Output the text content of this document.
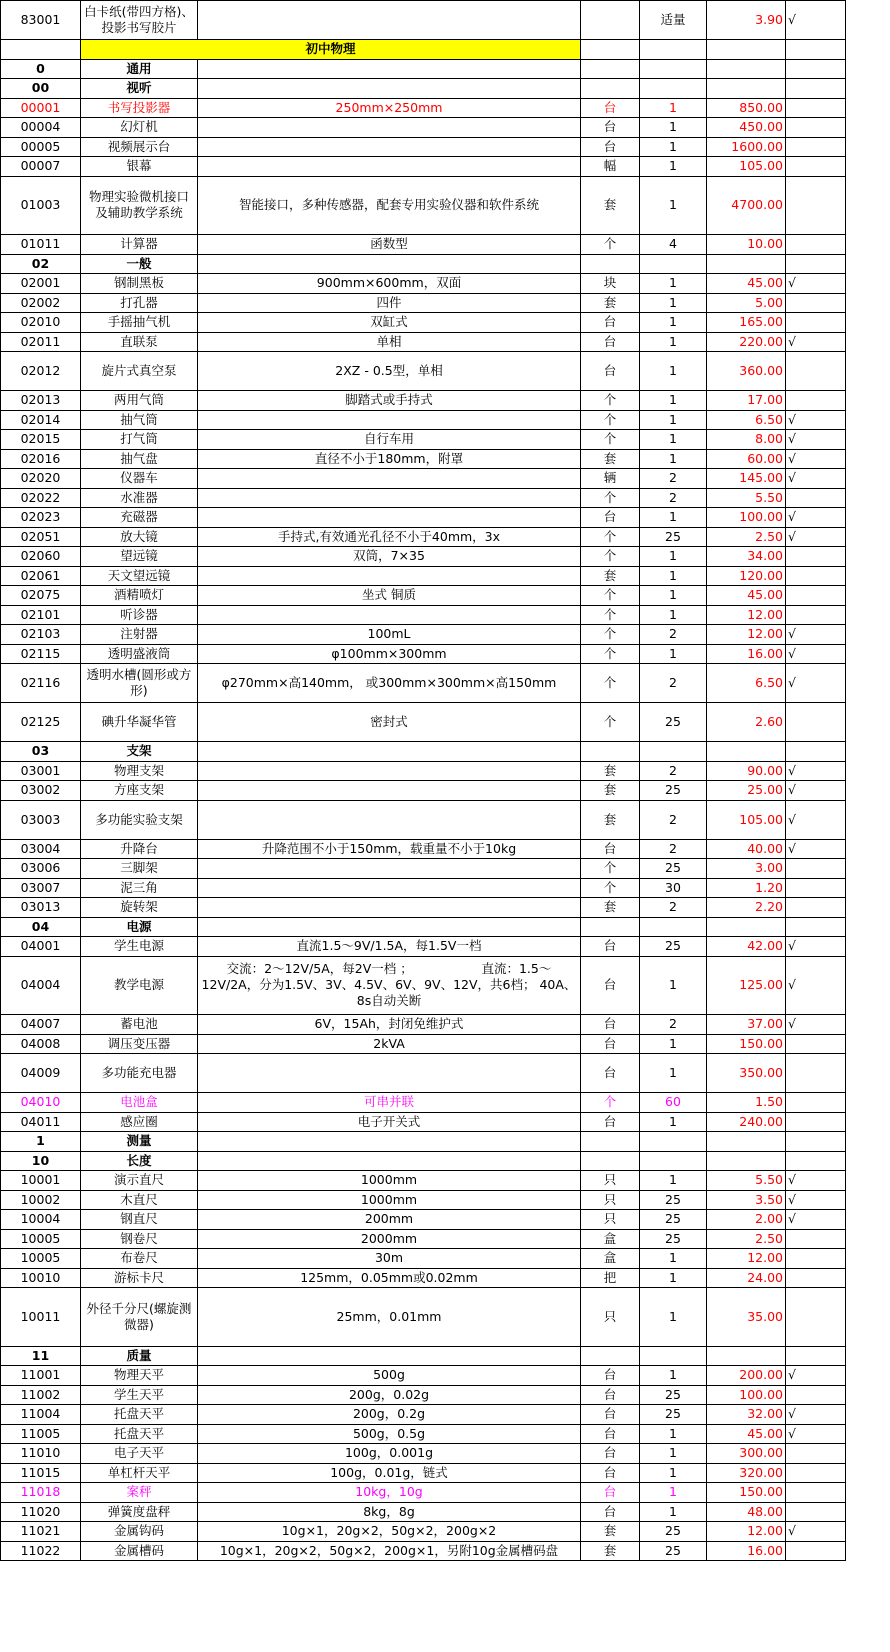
83001	白卡纸(带四方格)、投影书写胶片			适量	3.90	√
	初中物理					
0	通用					
00	视听					
00001	书写投影器	250mm×250mm	台	1	850.00	
00004	幻灯机		台	1	450.00	
00005	视频展示台		台	1	1600.00	
00007	银幕		幅	1	105.00	
01003	物理实验微机接口及辅助教学系统	智能接口，多种传感器，配套专用实验仪器和软件系统	套	1	4700.00	
01011	计算器	函数型	个	4	10.00	
02	一般					
02001	钢制黑板	900mm×600mm，双面	块	1	45.00	√
02002	打孔器	四件	套	1	5.00	
02010	手摇抽气机	双缸式	台	1	165.00	
02011	直联泵	单相	台	1	220.00	√
02012	旋片式真空泵	2XZ - 0.5型，单相	台	1	360.00	
02013	两用气筒	脚踏式或手持式	个	1	17.00	
02014	抽气筒		个	1	6.50	√
02015	打气筒	自行车用	个	1	8.00	√
02016	抽气盘	直径不小于180mm，附罩	套	1	60.00	√
02020	仪器车		辆	2	145.00	√
02022	水准器		个	2	5.50	
02023	充磁器		台	1	100.00	√
02051	放大镜	手持式,有效通光孔径不小于40mm，3x	个	25	2.50	√
02060	望远镜	双筒，7×35	个	1	34.00	
02061	天文望远镜		套	1	120.00	
02075	酒精喷灯	坐式 铜质	个	1	45.00	
02101	听诊器		个	1	12.00	
02103	注射器	100mL	个	2	12.00	√
02115	透明盛液筒	φ100mm×300mm	个	1	16.00	√
02116	透明水槽(圆形或方形)	φ270mm×高140mm， 或300mm×300mm×高150mm	个	2	6.50	√
02125	碘升华凝华管	密封式	个	25	2.60	
03	支架					
03001	物理支架		套	2	90.00	√
03002	方座支架		套	25	25.00	√
03003	多功能实验支架		套	2	105.00	√
03004	升降台	升降范围不小于150mm，载重量不小于10kg	台	2	40.00	√
03006	三脚架		个	25	3.00	
03007	泥三角		个	30	1.20	
03013	旋转架		套	2	2.20	
04	电源					
04001	学生电源	直流1.5～9V/1.5A，每1.5V一档	台	25	42.00	√
04004	教学电源	交流：2～12V/5A，每2V一档 ；　　　　　　直流：1.5～12V/2A，分为1.5V、3V、4.5V、6V、9V、12V，共6档； 40A、8s自动关断	台	1	125.00	√
04007	蓄电池	6V，15Ah，封闭免维护式	台	2	37.00	√
04008	调压变压器	2kVA	台	1	150.00	
04009	多功能充电器		台	1	350.00	
04010	电池盒	可串并联	个	60	1.50	
04011	感应圈	电子开关式	台	1	240.00	
1	测量					
10	长度					
10001	演示直尺	1000mm	只	1	5.50	√
10002	木直尺	1000mm	只	25	3.50	√
10004	钢直尺	200mm	只	25	2.00	√
10005	钢卷尺	2000mm	盒	25	2.50	
10005	布卷尺	30m	盒	1	12.00	
10010	游标卡尺	125mm，0.05mm或0.02mm	把	1	24.00	
10011	外径千分尺(螺旋测微器)	25mm，0.01mm	只	1	35.00	
11	质量					
11001	物理天平	500g	台	1	200.00	√
11002	学生天平	200g，0.02g	台	25	100.00	
11004	托盘天平	200g，0.2g	台	25	32.00	√
11005	托盘天平	500g，0.5g	台	1	45.00	√
11010	电子天平	100g，0.001g	台	1	300.00	
11015	单杠杆天平	100g，0.01g，链式	台	1	320.00	
11018	案秤	10kg，10g	台	1	150.00	
11020	弹簧度盘秤	8kg，8g	台	1	48.00	
11021	金属钩码	10g×1，20g×2，50g×2，200g×2	套	25	12.00	√
11022	金属槽码	10g×1，20g×2，50g×2，200g×1，另附10g金属槽码盘	套	25	16.00	
